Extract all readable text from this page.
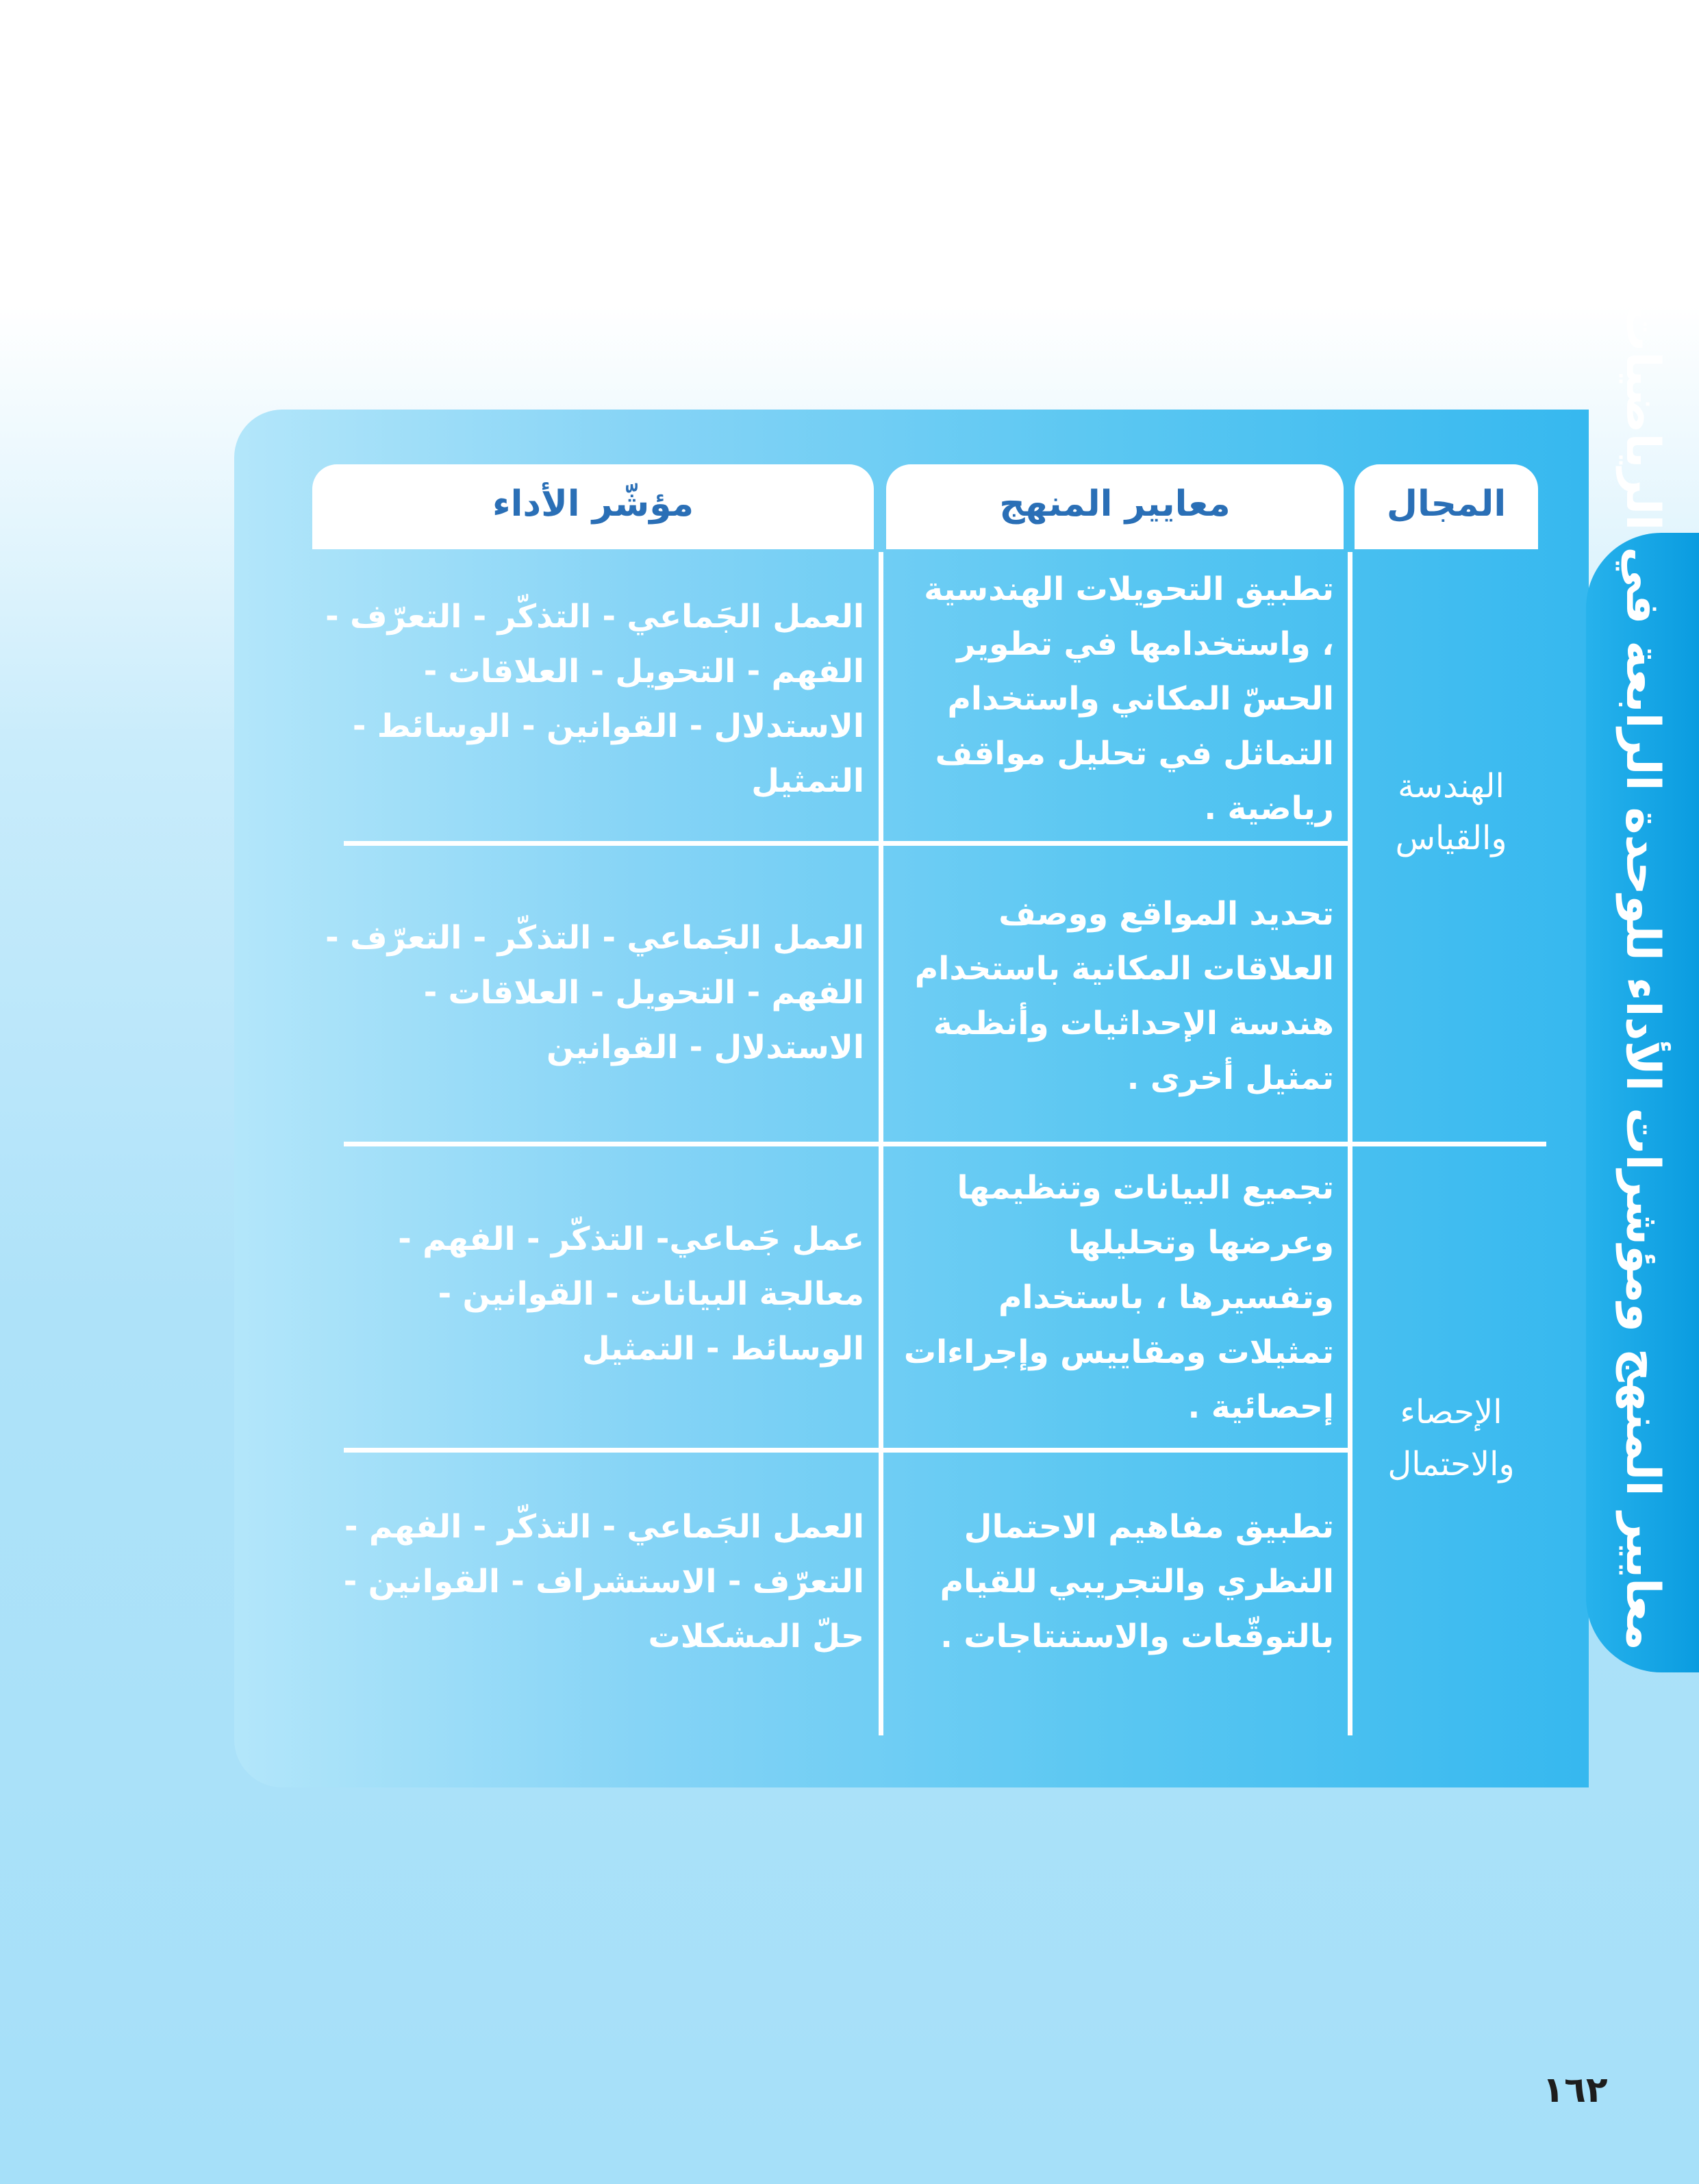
معايير المنهج ومؤشرات الأداء للوحدة الرابعة في الرياضيات
المجال
معايير المنهج
مؤشّر الأداء
الهندسة والقياس
الإحصاء والاحتمال
تطبيق التحويلات الهندسية ، واستخدامها في تطوير الحسّ المكاني واستخدام التماثل في تحليل مواقف رياضية .
العمل الجَماعي - التذكّر - التعرّف - الفهم - التحويل - العلاقات - الاستدلال - القوانين - الوسائط - التمثيل
تحديد المواقع ووصف العلاقات المكانية باستخدام هندسة الإحداثيات وأنظمة تمثيل أخرى .
العمل الجَماعي - التذكّر - التعرّف - الفهم - التحويل - العلاقات - الاستدلال - القوانين
تجميع البيانات وتنظيمها وعرضها وتحليلها وتفسيرها ، باستخدام تمثيلات ومقاييس وإجراءات إحصائية .
عمل جَماعي- التذكّر - الفهم - معالجة البيانات - القوانين - الوسائط - التمثيل
تطبيق مفاهيم الاحتمال النظري والتجريبي للقيام بالتوقّعات والاستنتاجات .
العمل الجَماعي - التذكّر - الفهم - التعرّف - الاستشراف - القوانين - حلّ المشكلات
١٦٢
